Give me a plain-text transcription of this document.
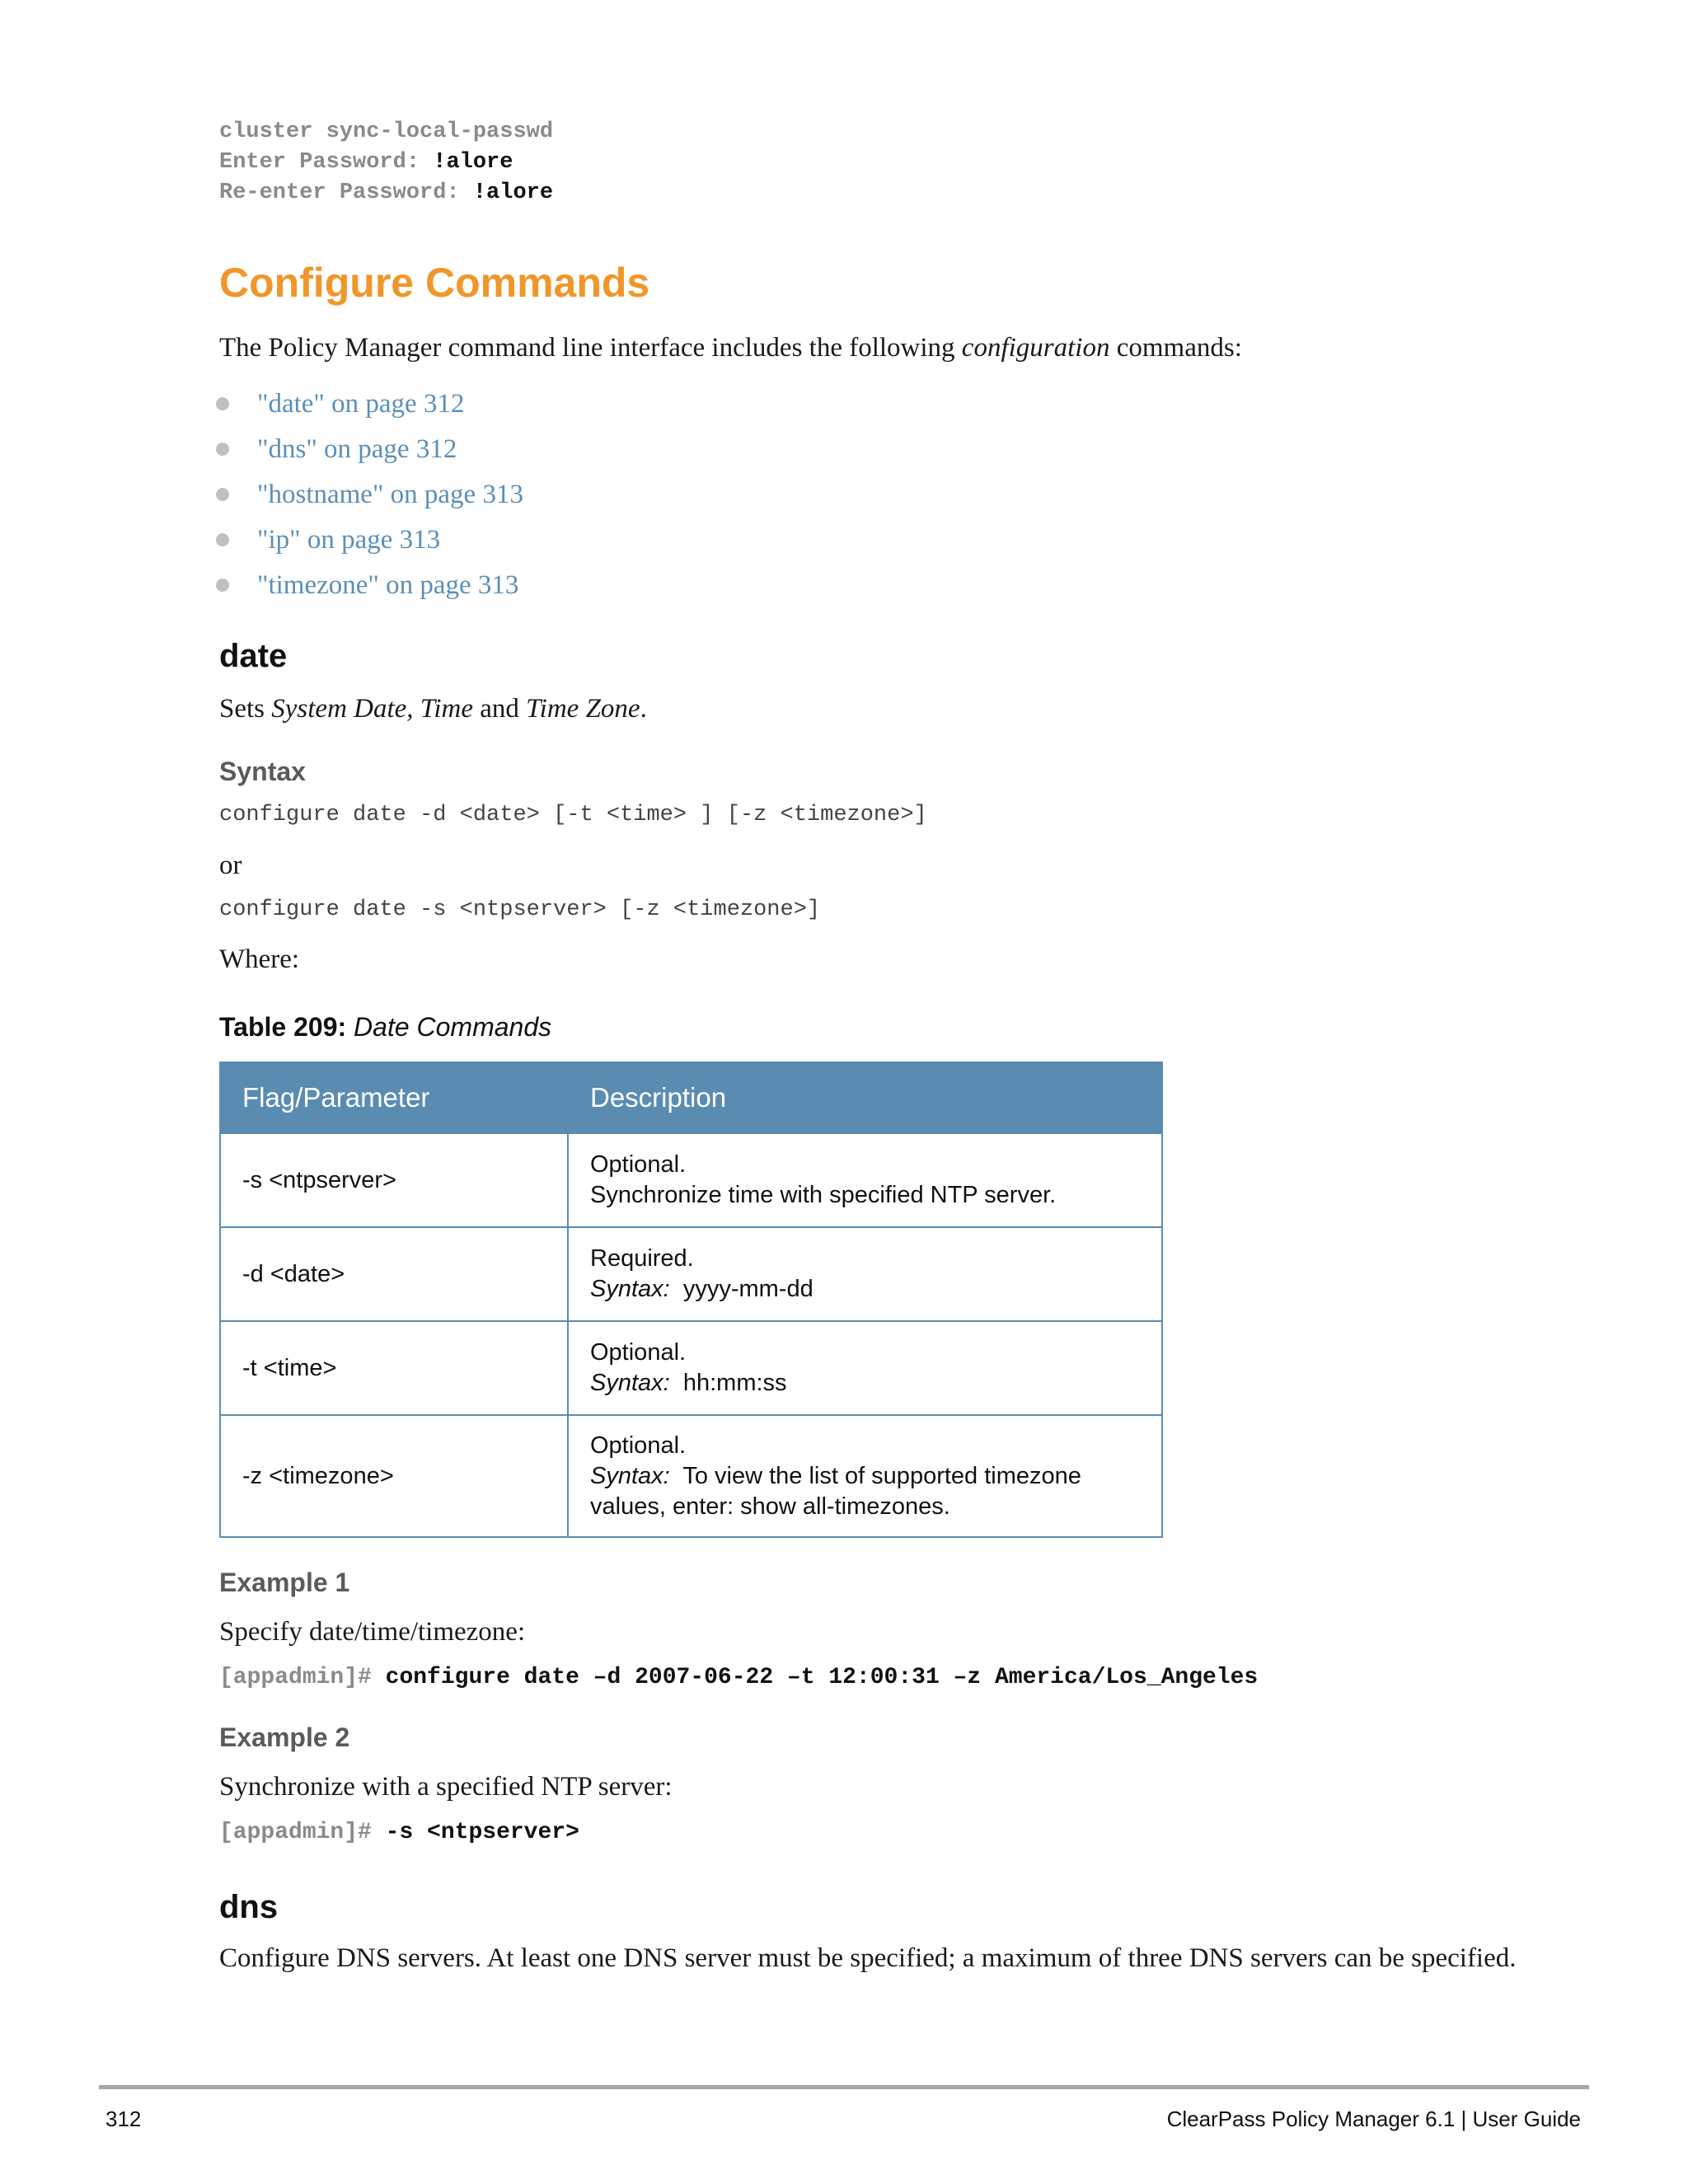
cluster sync-local-passwd
Enter Password: !alore
Re-enter Password: !alore
Configure Commands
The Policy Manager command line interface includes the following configuration commands:
"date" on page 312
"dns" on page 312
"hostname" on page 313
"ip" on page 313
"timezone" on page 313
date
Sets System Date, Time and Time Zone.
Syntax
configure date -d <date> [-t <time> ] [-z <timezone>]
or
configure date -s <ntpserver> [-z <timezone>]
Where:
Table 209: Date Commands
Flag/Parameter	Description
-s <ntpserver>	Optional.
Synchronize time with specified NTP server.

-d <date>	Required.
Syntax: yyyy-mm-dd

-t <time>	Optional.
Syntax: hh:mm:ss

-z <timezone>	Optional.
Syntax: To view the list of supported timezone
values, enter: show all-timezones.
Example 1
Specify date/time/timezone:
[appadmin]# configure date –d 2007-06-22 –t 12:00:31 –z America/Los_Angeles
Example 2
Synchronize with a specified NTP server:
[appadmin]# -s <ntpserver>
dns
Configure DNS servers. At least one DNS server must be specified; a maximum of three DNS servers can be specified.
312	ClearPass Policy Manager 6.1 | User Guide
